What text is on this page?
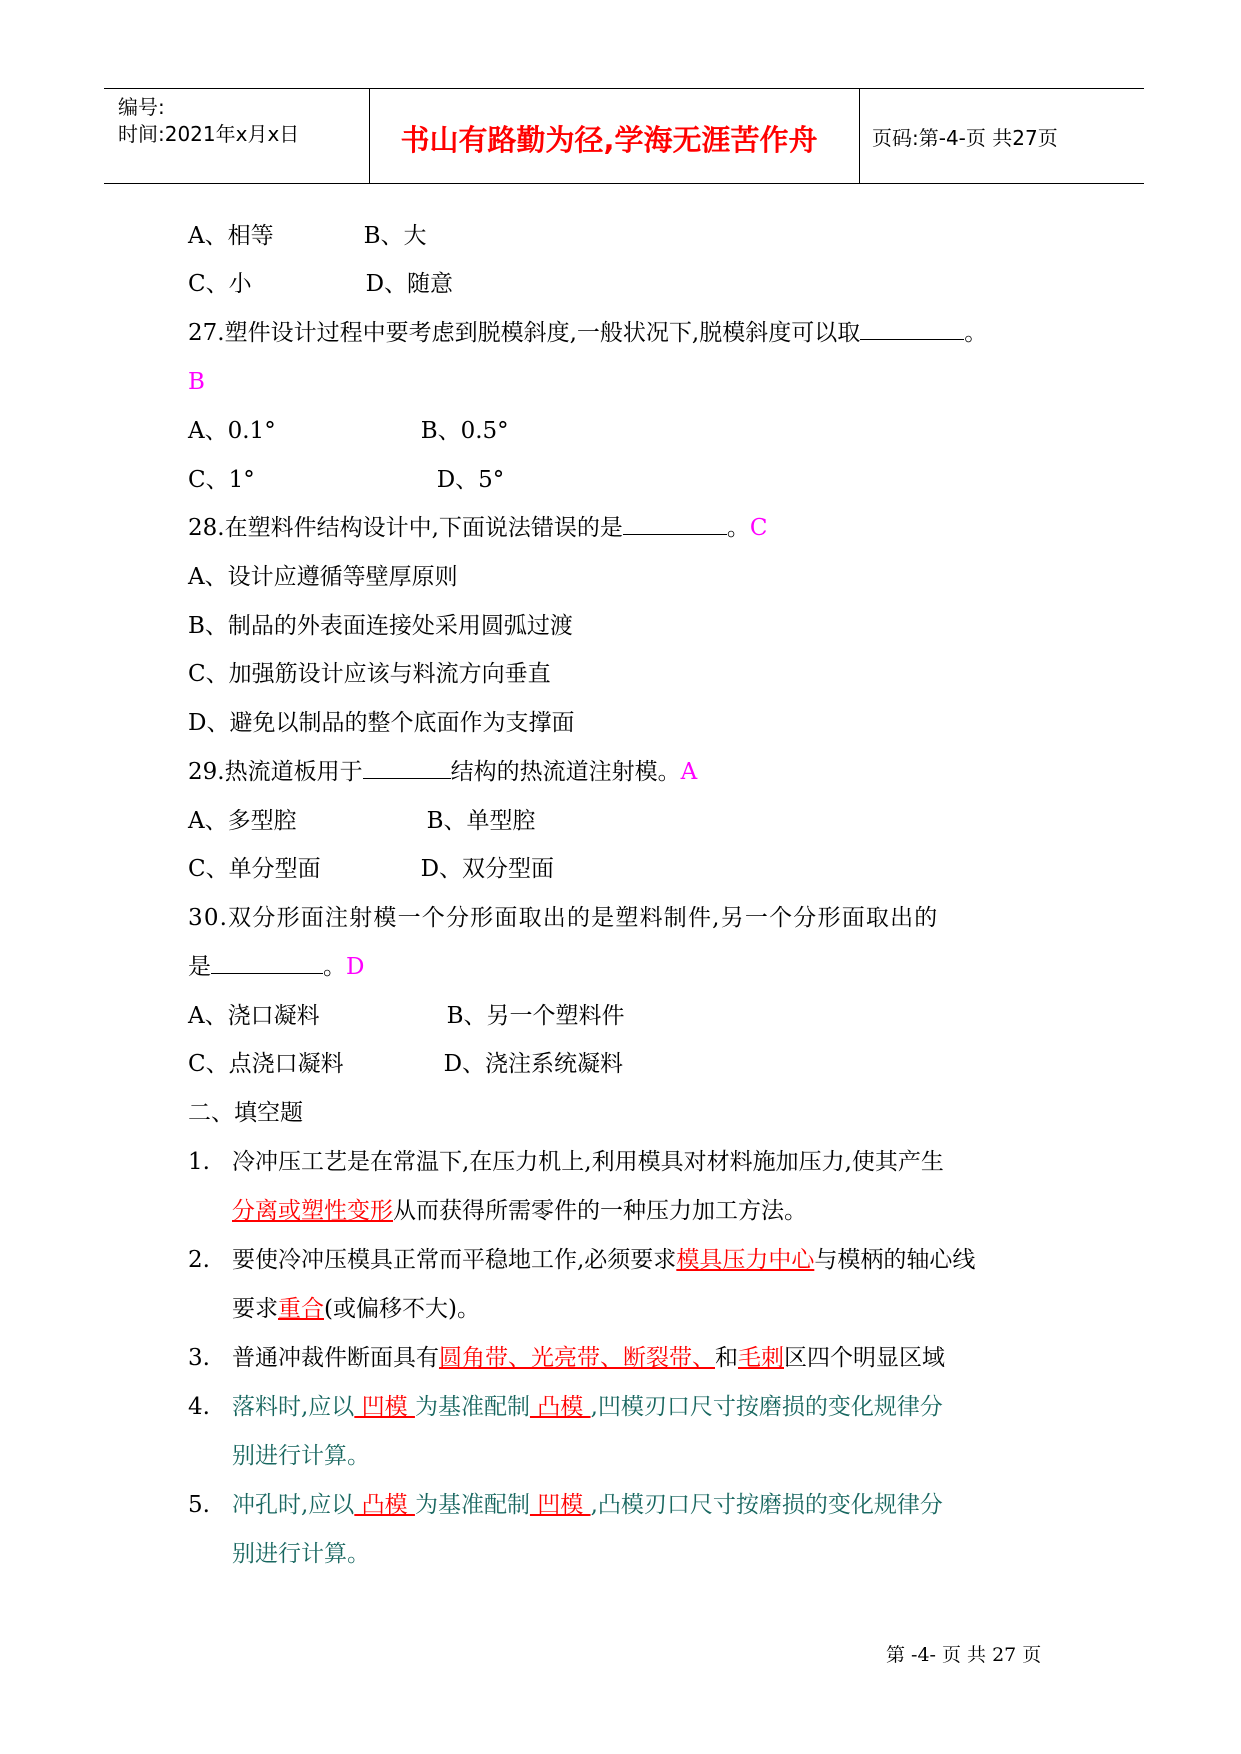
编号:
时间:2021年x月x日	书山有路勤为径,学海无涯苦作舟	页码:第-4-页 共27页
A、相等	B、大
C、小	D、随意
27.塑件设计过程中要考虑到脱模斜度,一般状况下,脱模斜度可以取	。
B
A、0.1°	B、0.5°
C、1°	D、5°
28.在塑料件结构设计中,下面说法错误的是	。C
A、设计应遵循等壁厚原则
B、制品的外表面连接处采用圆弧过渡
C、加强筋设计应该与料流方向垂直
D、避免以制品的整个底面作为支撑面
29.热流道板用于	结构的热流道注射模。A
A、多型腔	B、单型腔
C、单分型面	D、双分型面
30.双分形面注射模一个分形面取出的是塑料制件,另一个分形面取出的
是	。D
A、浇口凝料	B、另一个塑料件
C、点浇口凝料	D、浇注系统凝料
二、填空题
1. 冷冲压工艺是在常温下,在压力机上,利用模具对材料施加压力,使其产生
分离或塑性变形从而获得所需零件的一种压力加工方法。
2. 要使冷冲压模具正常而平稳地工作,必须要求模具压力中心与模柄的轴心线
要求重合(或偏移不大)。
3. 普通冲裁件断面具有圆角带、光亮带、断裂带、和毛刺区四个明显区域
4. 落料时,应以 凹模 为基准配制 凸模 ,凹模刃口尺寸按磨损的变化规律分
别进行计算。
5. 冲孔时,应以 凸模 为基准配制 凹模 ,凸模刃口尺寸按磨损的变化规律分
别进行计算。
第 -4- 页 共 27 页
